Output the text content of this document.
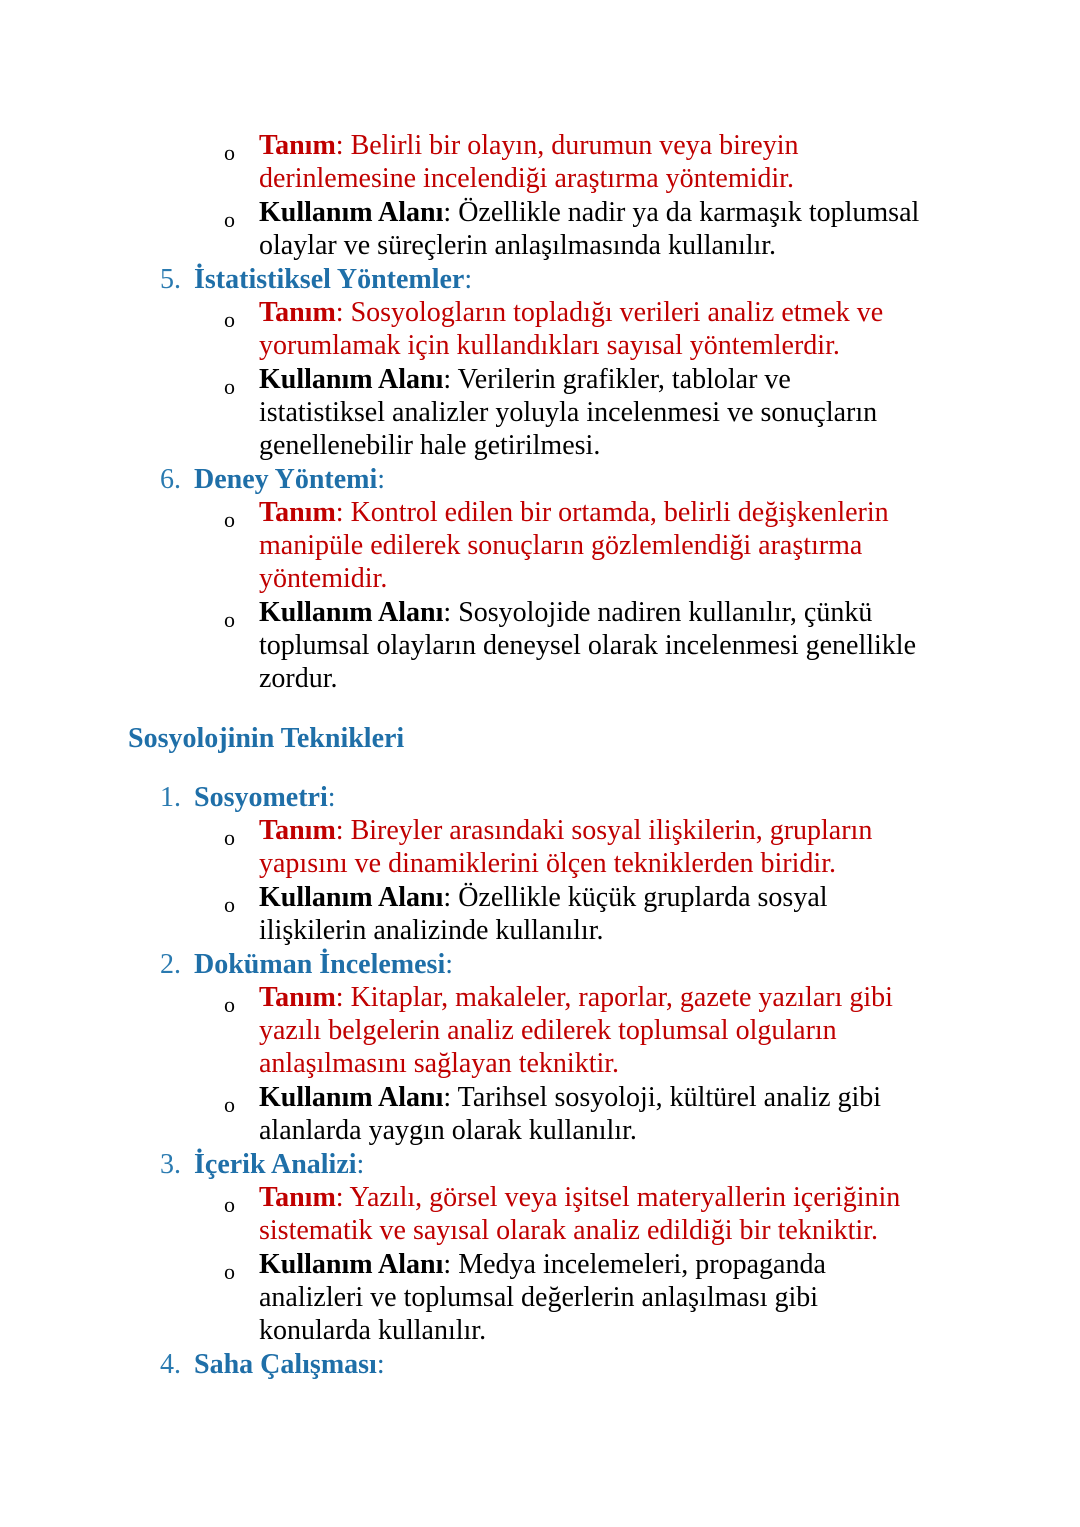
o Tanım: Belirli bir olayın, durumun veya bireyin
derinlemesine incelendiği araştırma yöntemidir.
o Kullanım Alanı: Özellikle nadir ya da karmaşık toplumsal
olaylar ve süreçlerin anlaşılmasında kullanılır.
5. İstatistiksel Yöntemler:
o Tanım: Sosyologların topladığı verileri analiz etmek ve
yorumlamak için kullandıkları sayısal yöntemlerdir.
o Kullanım Alanı: Verilerin grafikler, tablolar ve
istatistiksel analizler yoluyla incelenmesi ve sonuçların
genellenebilir hale getirilmesi.
6. Deney Yöntemi:
o Tanım: Kontrol edilen bir ortamda, belirli değişkenlerin
manipüle edilerek sonuçların gözlemlendiği araştırma
yöntemidir.
o Kullanım Alanı: Sosyolojide nadiren kullanılır, çünkü
toplumsal olayların deneysel olarak incelenmesi genellikle
zordur.
Sosyolojinin Teknikleri
1. Sosyometri:
o Tanım: Bireyler arasındaki sosyal ilişkilerin, grupların
yapısını ve dinamiklerini ölçen tekniklerden biridir.
o Kullanım Alanı: Özellikle küçük gruplarda sosyal
ilişkilerin analizinde kullanılır.
2. Doküman İncelemesi:
o Tanım: Kitaplar, makaleler, raporlar, gazete yazıları gibi
yazılı belgelerin analiz edilerek toplumsal olguların
anlaşılmasını sağlayan tekniktir.
o Kullanım Alanı: Tarihsel sosyoloji, kültürel analiz gibi
alanlarda yaygın olarak kullanılır.
3. İçerik Analizi:
o Tanım: Yazılı, görsel veya işitsel materyallerin içeriğinin
sistematik ve sayısal olarak analiz edildiği bir tekniktir.
o Kullanım Alanı: Medya incelemeleri, propaganda
analizleri ve toplumsal değerlerin anlaşılması gibi
konularda kullanılır.
4. Saha Çalışması:
